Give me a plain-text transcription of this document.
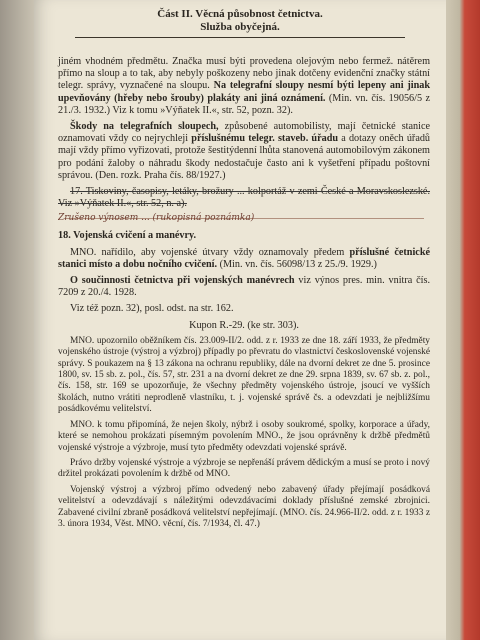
Část II. Věcná působnost četnictva.
Služba obyčejná.

jiném vhodném předmětu. Značka musí býti provedena olejovým nebo fermež. nátěrem přímo na sloup a to tak, aby nebyly poškozeny nebo jinak dotčeny evidenční značky státní telegr. správy, vyznačené na sloupu. Na telegrafní sloupy nesmí býti lepeny ani jinak upevňovány (hřeby nebo šrouby) plakáty ani jiná oznámení. (Min. vn. čís. 19056/5 z 21./3. 1932.) Viz k tomu »Výňatek II.«, str. 52, pozn. 32).

Škody na telegrafních sloupech, způsobené automobilisty, mají četnické stanice oznamovati vždy co nejrychleji příslušnému telegr. staveb. úřadu a dotazy oněch úřadů mají vždy přímo vyřizovati, protože šestitýdenní lhůta stanovená automobilovým zákonem pro podání žaloby o náhradu škody nedostačuje často ani k vyšetření případu poštovní správou. (Den. rozk. Praha čís. 88/1927.)

17. Tiskoviny, časopisy, letáky, brožury ... kolportáž v zemi České a Moravskoslezské. Viz »Výňatek II.«, str. 52, n. a).

Zrušeno výnosem ... (rukopisná poznámka)

18. Vojenská cvičení a manévry.

MNO. nařídilo, aby vojenské útvary vždy oznamovaly předem příslušné četnické stanici místo a dobu nočního cvičení. (Min. vn. čís. 56098/13 z 25./9. 1929.)

O součinnosti četnictva při vojenských manévrech viz výnos pres. min. vnitra čís. 7209 z 20./4. 1928.

Viz též pozn. 32), posl. odst. na str. 162.

Kupon R.-29. (ke str. 303).

MNO. upozornilo oběžníkem čís. 23.009-II/2. odd. z r. 1933 ze dne 18. září 1933, že předměty vojenského ústroje (výstroj a výzbroj) případly po převratu do vlastnictví československé vojenské správy. S poukazem na § 13 zákona na ochranu republiky, dále na dvorní dekret ze dne 5. prosince 1800, sv. 15 sb. z. pol., čís. 57, str. 231 a na dvorní dekret ze dne 29. srpna 1839, sv. 67 sb. z. pol., čís. 158, str. 169 se upozorňuje, že všechny předměty vojenského ústroje, jsoucí ve vyšších školách, nutno vrátiti neprodleně vlastníku, t. j. vojenské správě čs. a odevzdati je nejbližšímu posádkovému velitelství.

MNO. k tomu připomíná, že nejen školy, nýbrž i osoby soukromé, spolky, korporace a úřady, které se nemohou prokázati písemným povolením MNO., že jsou oprávněny k držbě předmětů vojenské výstroje a výzbroje, musí tyto předměty odevzdati vojenské správě.

Právo držby vojenské výstroje a výzbroje se nepřenáší právem dědickým a musí se proto i nový držitel prokázati povolením k držbě od MNO.

Vojenský výstroj a výzbroj přímo odvedený nebo zabavený úřady přejímají posádková velitelství a odevzdávají s náležitými odevzdávacími doklady příslušné zemské zbrojnici. Zabavené civilní zbraně posádková velitelství nepřejímají. (MNO. čís. 24.966-II/2. odd. z r. 1933 z 3. února 1934, Věst. MNO. věcní, čís. 7/1934, čl. 47.)
